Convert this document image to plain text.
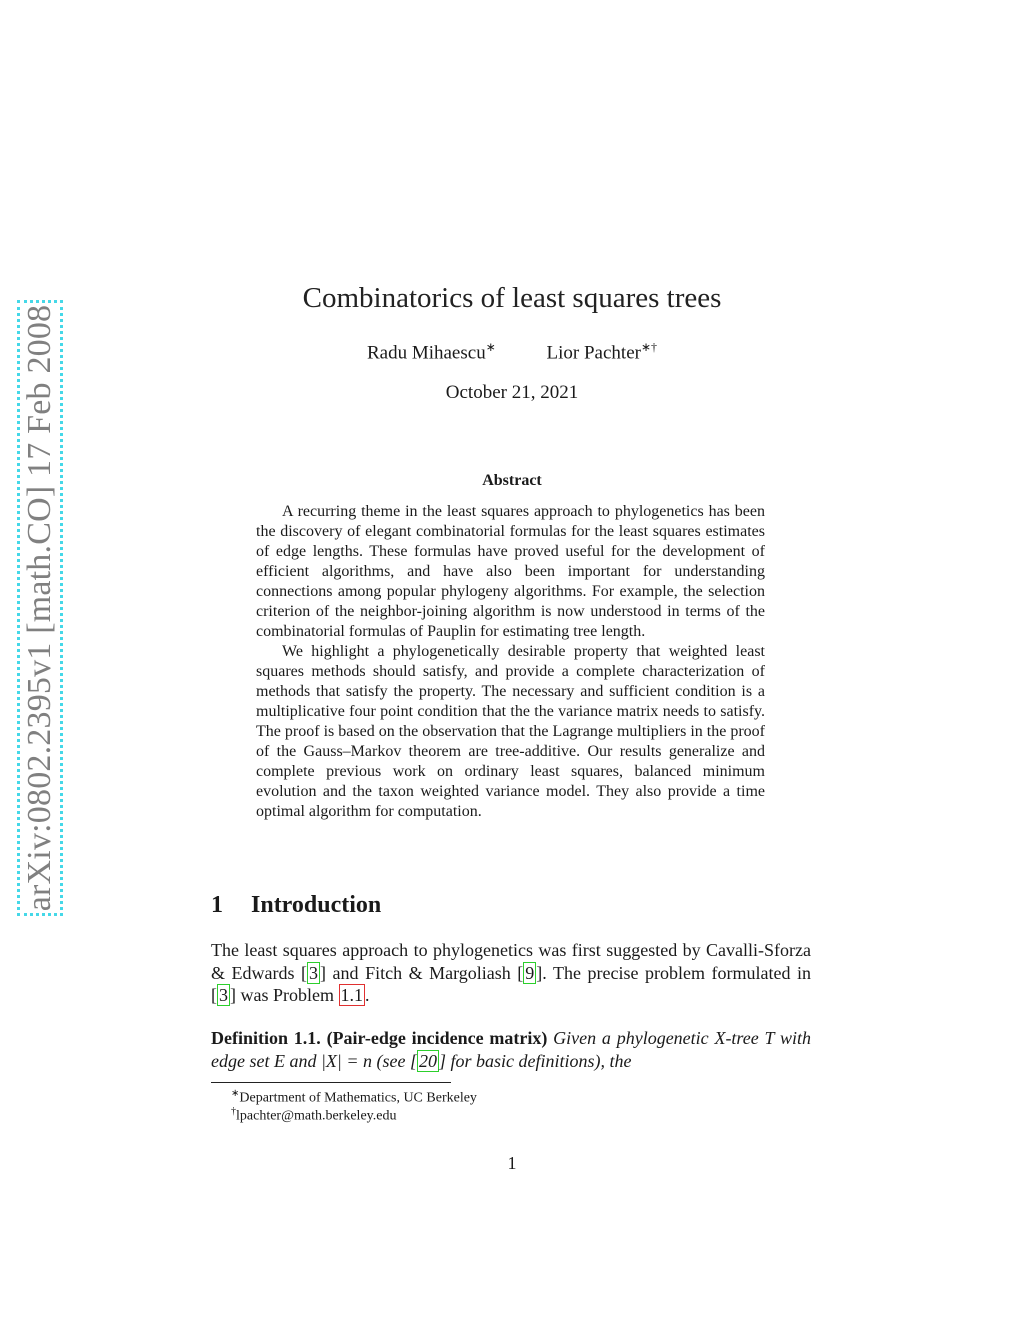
arXiv:0802.2395v1 [math.CO] 17 Feb 2008
Combinatorics of least squares trees
Radu Mihaescu∗	Lior Pachter∗†
October 21, 2021
Abstract

A recurring theme in the least squares approach to phylogenetics has been the discovery of elegant combinatorial formulas for the least squares estimates of edge lengths. These formulas have proved useful for the development of efficient algorithms, and have also been important for understanding connections among popular phylogeny algorithms. For example, the selection criterion of the neighbor-joining algorithm is now understood in terms of the combinatorial formulas of Pauplin for estimating tree length.

We highlight a phylogenetically desirable property that weighted least squares methods should satisfy, and provide a complete characterization of methods that satisfy the property. The necessary and sufficient condition is a multiplicative four point condition that the the variance matrix needs to satisfy. The proof is based on the observation that the Lagrange multipliers in the proof of the Gauss–Markov theorem are tree-additive. Our results generalize and complete previous work on ordinary least squares, balanced minimum evolution and the taxon weighted variance model. They also provide a time optimal algorithm for computation.

1 Introduction
The least squares approach to phylogenetics was first suggested by Cavalli-Sforza & Edwards [ 3 ] and Fitch & Margoliash [ 9 ]. The precise problem formulated in [ 3 ] was Problem 1.1 .
Definition 1.1. (Pair-edge incidence matrix) Given a phylogenetic X-tree T with edge set E and |X| = n (see [ 20 ] for basic definitions), the
∗Department of Mathematics, UC Berkeley
†lpachter@math.berkeley.edu
1
